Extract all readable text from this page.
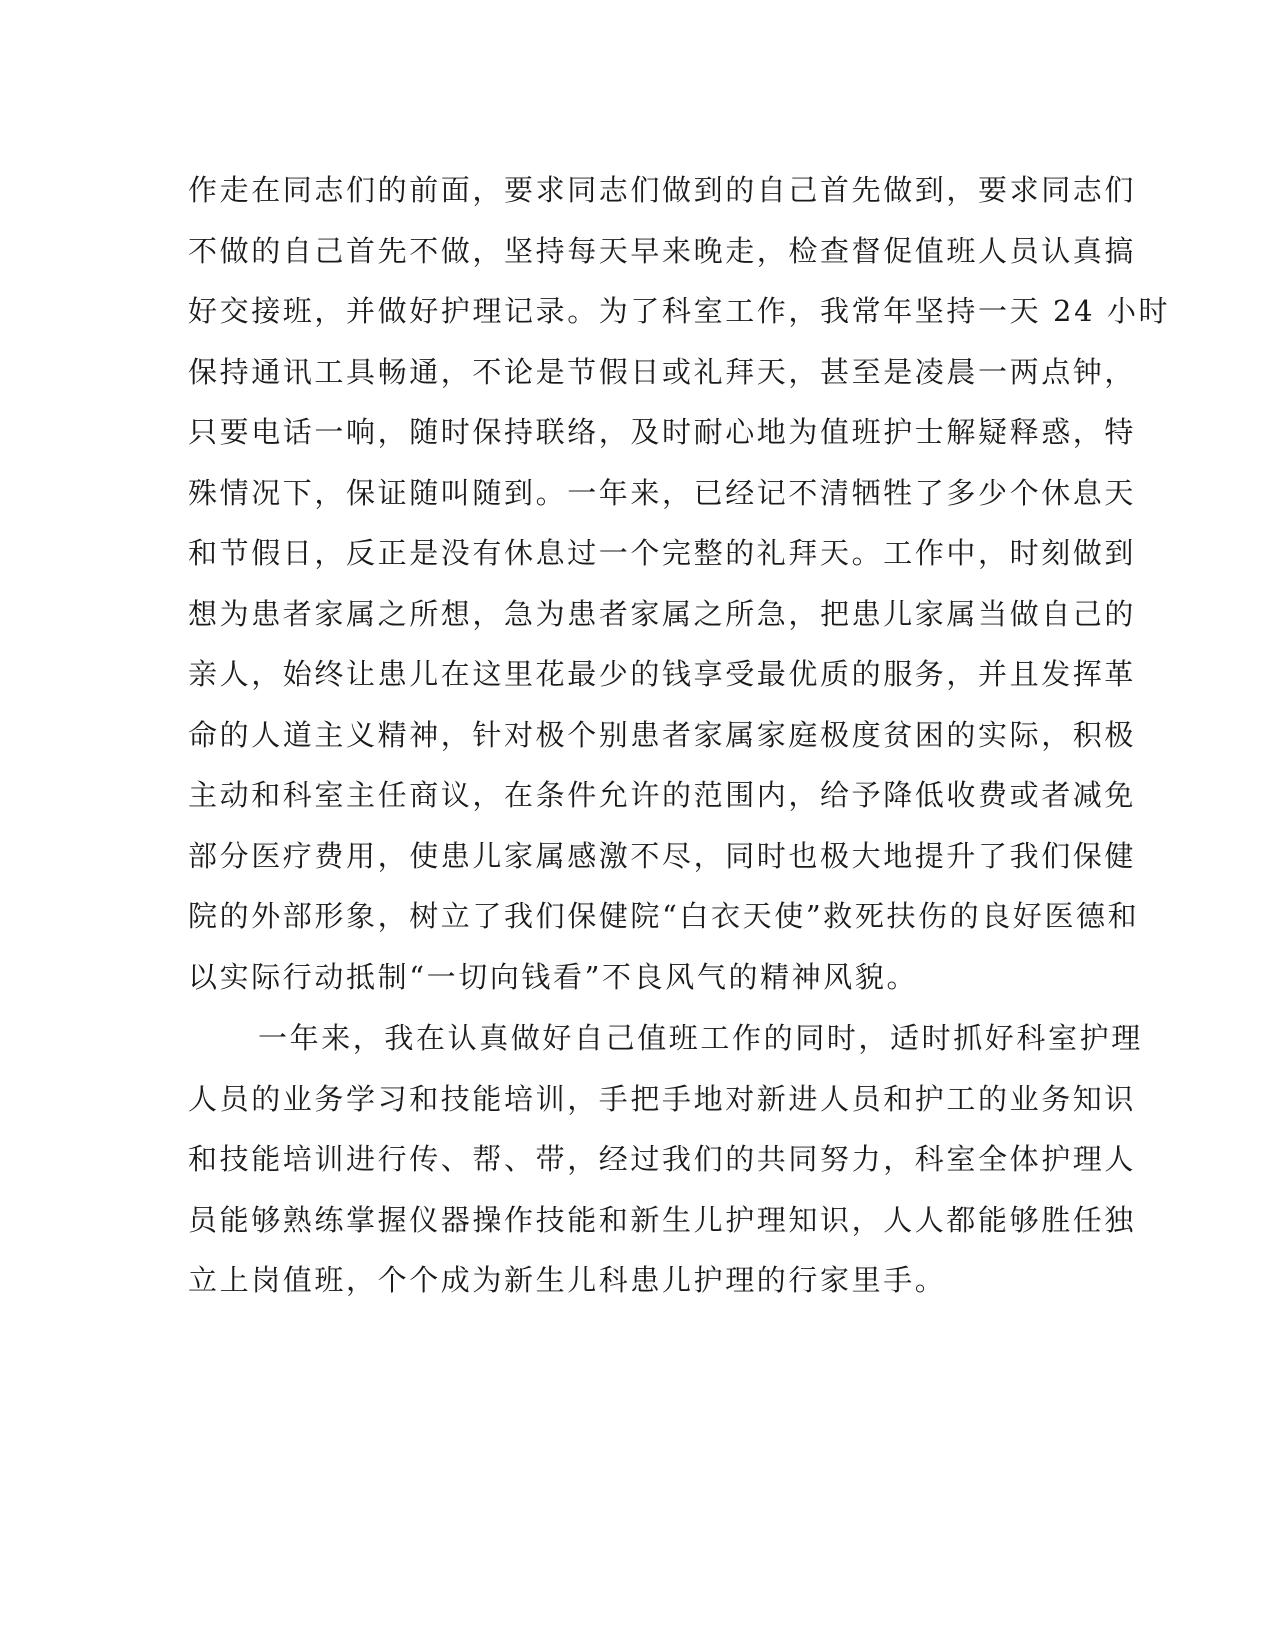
作走在同志们的前面，要求同志们做到的自己首先做到，要求同志们
不做的自己首先不做，坚持每天早来晚走，检查督促值班人员认真搞
好交接班，并做好护理记录。为了科室工作，我常年坚持一天 24 小时
保持通讯工具畅通，不论是节假日或礼拜天，甚至是凌晨一两点钟，
只要电话一响，随时保持联络，及时耐心地为值班护士解疑释惑，特
殊情况下，保证随叫随到。一年来，已经记不清牺牲了多少个休息天
和节假日，反正是没有休息过一个完整的礼拜天。工作中，时刻做到
想为患者家属之所想，急为患者家属之所急，把患儿家属当做自己的
亲人，始终让患儿在这里花最少的钱享受最优质的服务，并且发挥革
命的人道主义精神，针对极个别患者家属家庭极度贫困的实际，积极
主动和科室主任商议，在条件允许的范围内，给予降低收费或者减免
部分医疗费用，使患儿家属感激不尽，同时也极大地提升了我们保健
院的外部形象，树立了我们保健院“白衣天使”救死扶伤的良好医德和
以实际行动抵制“一切向钱看”不良风气的精神风貌。
一年来，我在认真做好自己值班工作的同时，适时抓好科室护理
人员的业务学习和技能培训，手把手地对新进人员和护工的业务知识
和技能培训进行传、帮、带，经过我们的共同努力，科室全体护理人
员能够熟练掌握仪器操作技能和新生儿护理知识，人人都能够胜任独
立上岗值班，个个成为新生儿科患儿护理的行家里手。
